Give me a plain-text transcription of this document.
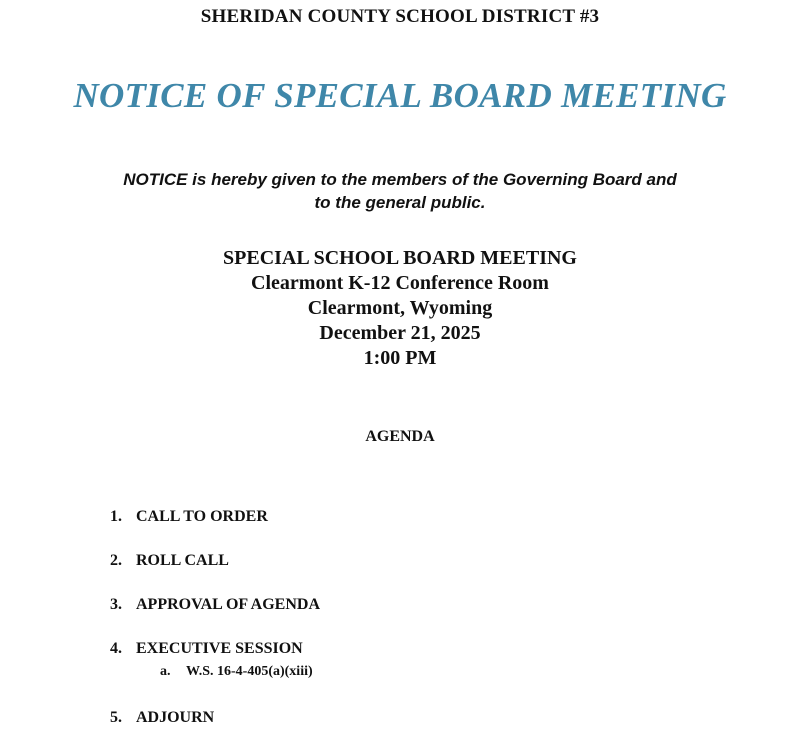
SHERIDAN COUNTY SCHOOL DISTRICT #3
NOTICE OF SPECIAL BOARD MEETING
NOTICE is hereby given to the members of the Governing Board and
to the general public.
SPECIAL SCHOOL BOARD MEETING
Clearmont K-12 Conference Room
Clearmont, Wyoming
December 21, 2025
1:00 PM
AGENDA
1. CALL TO ORDER
2. ROLL CALL
3. APPROVAL OF AGENDA
4. EXECUTIVE SESSION
a. W.S. 16-4-405(a)(xiii)
5. ADJOURN
